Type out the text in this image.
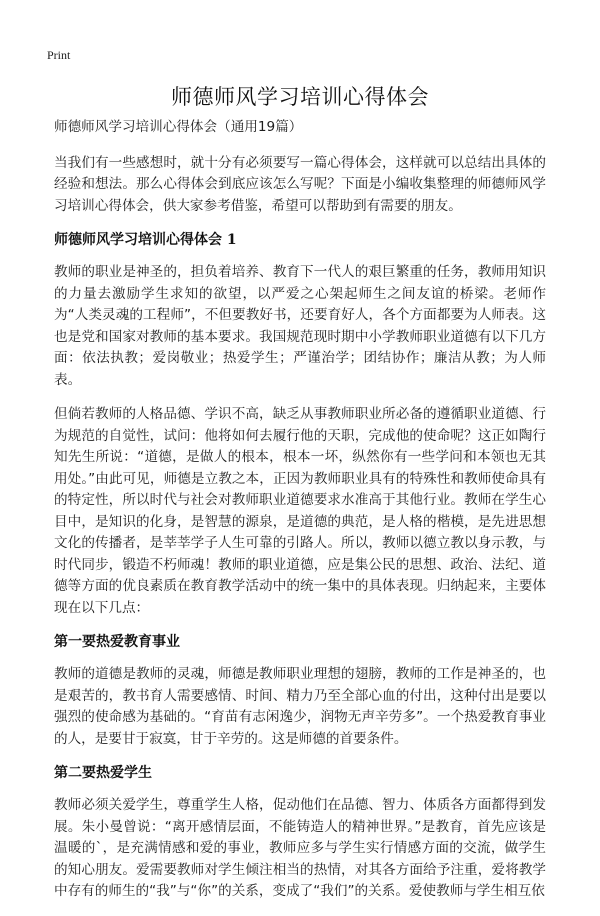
Print
师德师风学习培训心得体会

师德师风学习培训心得体会（通用19篇）

当我们有一些感想时，就十分有必须要写一篇心得体会，这样就可以总结出具体的经验和想法。那么心得体会到底应该怎么写呢？下面是小编收集整理的师德师风学习培训心得体会，供大家参考借鉴，希望可以帮助到有需要的朋友。

师德师风学习培训心得体会 1

教师的职业是神圣的，担负着培养、教育下一代人的艰巨繁重的任务，教师用知识的力量去激励学生求知的欲望，以严爱之心架起师生之间友谊的桥梁。老师作为“人类灵魂的工程师”，不但要教好书，还要育好人，各个方面都要为人师表。这也是党和国家对教师的基本要求。我国规范现时期中小学教师职业道德有以下几方面：依法执教；爱岗敬业；热爱学生；严谨治学；团结协作；廉洁从教；为人师表。

但倘若教师的人格品德、学识不高，缺乏从事教师职业所必备的遵循职业道德、行为规范的自觉性，试问：他将如何去履行他的天职，完成他的使命呢？这正如陶行知先生所说：“道德，是做人的根本，根本一坏，纵然你有一些学问和本领也无其用处。”由此可见，师德是立教之本，正因为教师职业具有的特殊性和教师使命具有的特定性，所以时代与社会对教师职业道德要求水准高于其他行业。教师在学生心目中，是知识的化身，是智慧的源泉，是道德的典范，是人格的楷模，是先进思想文化的传播者，是莘莘学子人生可靠的引路人。所以，教师以德立教以身示教，与时代同步，锻造不朽师魂！教师的职业道德，应是集公民的思想、政治、法纪、道德等方面的优良素质在教育教学活动中的统一集中的具体表现。归纳起来，主要体现在以下几点：

第一要热爱教育事业

教师的道德是教师的灵魂，师德是教师职业理想的翅膀，教师的工作是神圣的，也是艰苦的，教书育人需要感情、时间、精力乃至全部心血的付出，这种付出是要以强烈的使命感为基础的。“育苗有志闲逸少，润物无声辛劳多”。一个热爱教育事业的人，是要甘于寂寞，甘于辛劳的。这是师德的首要条件。

第二要热爱学生

教师必须关爱学生，尊重学生人格，促动他们在品德、智力、体质各方面都得到发展。朱小曼曾说：“离开感情层面，不能铸造人的精神世界。”是教育，首先应该是温暖的`，是充满情感和爱的事业，教师应多与学生实行情感方面的交流，做学生的知心朋友。爱需要教师对学生倾注相当的热情，对其各方面给予注重，爱将教学中存有的师生的“我”与“你”的关系，变成了“我们”的关系。爱使教师与学生相互依
